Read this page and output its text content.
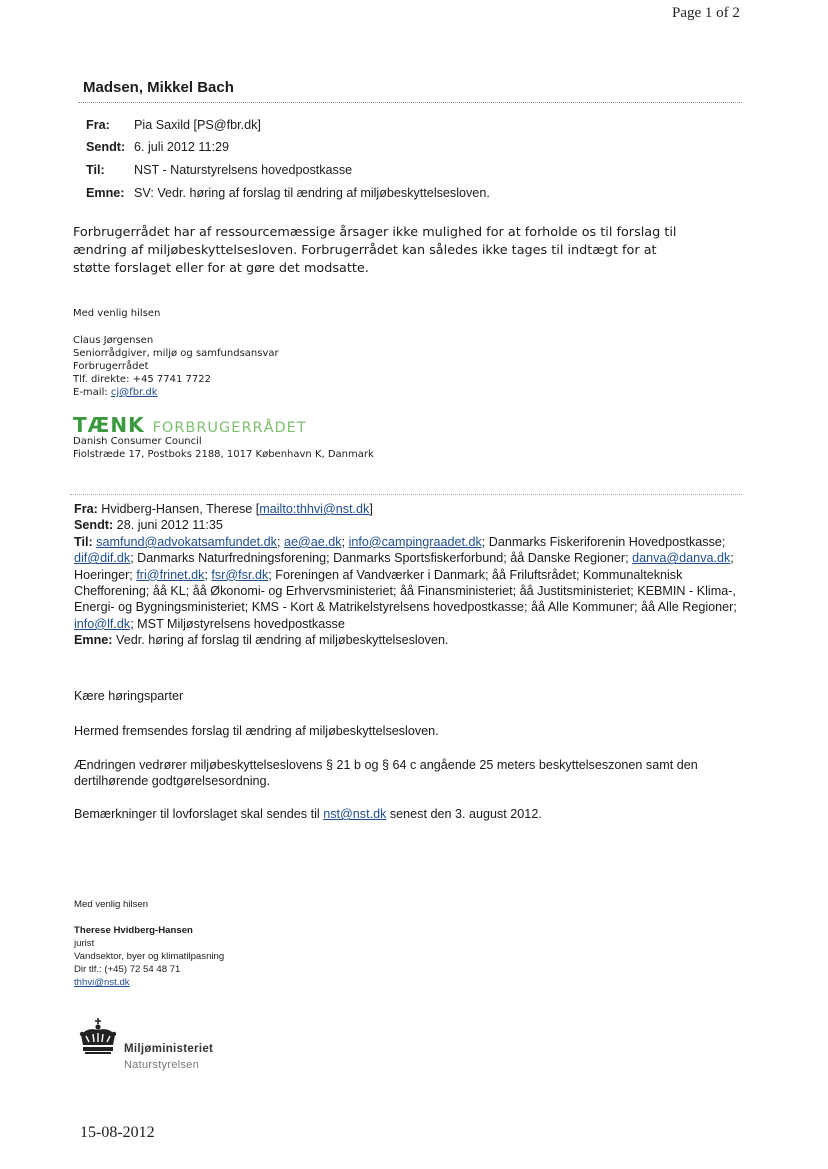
Page 1 of 2
Madsen, Mikkel Bach
Fra: Pia Saxild [PS@fbr.dk]
Sendt: 6. juli 2012 11:29
Til: NST - Naturstyrelsens hovedpostkasse
Emne: SV: Vedr. høring af forslag til ændring af miljøbeskyttelsesloven.
Forbrugerrådet har af ressourcemæssige årsager ikke mulighed for at forholde os til forslag til
ændring af miljøbeskyttelsesloven. Forbrugerrådet kan således ikke tages til indtægt for at
støtte forslaget eller for at gøre det modsatte.
Med venlig hilsen
Claus Jørgensen
Seniorrådgiver, miljø og samfundsansvar
Forbrugerrådet
Tlf. direkte: +45 7741 7722
E-mail: cj@fbr.dk
TÆNK FORBRUGERRÅDET
Danish Consumer Council
Fiolstræde 17, Postboks 2188, 1017 København K, Danmark
Fra: Hvidberg-Hansen, Therese [mailto:thhvi@nst.dk]
Sendt: 28. juni 2012 11:35
Til: samfund@advokatsamfundet.dk; ae@ae.dk; info@campingraadet.dk; Danmarks Fiskeriforenin Hovedpostkasse; dif@dif.dk; Danmarks Naturfredningsforening; Danmarks Sportsfiskerforbund; åå Danske Regioner; danva@danva.dk; Hoeringer; fri@frinet.dk; fsr@fsr.dk; Foreningen af Vandværker i Danmark; åå Friluftsrådet; Kommunalteknisk Chefforening; åå KL; åå Økonomi- og Erhvervsministeriet; åå Finansministeriet; åå Justitsministeriet; KEBMIN - Klima-, Energi- og Bygningsministeriet; KMS - Kort & Matrikelstyrelsens hovedpostkasse; åå Alle Kommuner; åå Alle Regioner; info@lf.dk; MST Miljøstyrelsens hovedpostkasse
Emne: Vedr. høring af forslag til ændring af miljøbeskyttelsesloven.
Kære høringsparter
Hermed fremsendes forslag til ændring af miljøbeskyttelsesloven.
Ændringen vedrører miljøbeskyttelseslovens § 21 b og § 64 c angående 25 meters beskyttelseszonen samt den dertilhørende godtgørelsesordning.
Bemærkninger til lovforslaget skal sendes til nst@nst.dk senest den 3. august 2012.
Med venlig hilsen
Therese Hvidberg-Hansen
jurist
Vandsektor, byer og klimatilpasning
Dir tlf.: (+45) 72 54 48 71
thhvi@nst.dk
Miljøministeriet
Naturstyrelsen
15-08-2012
